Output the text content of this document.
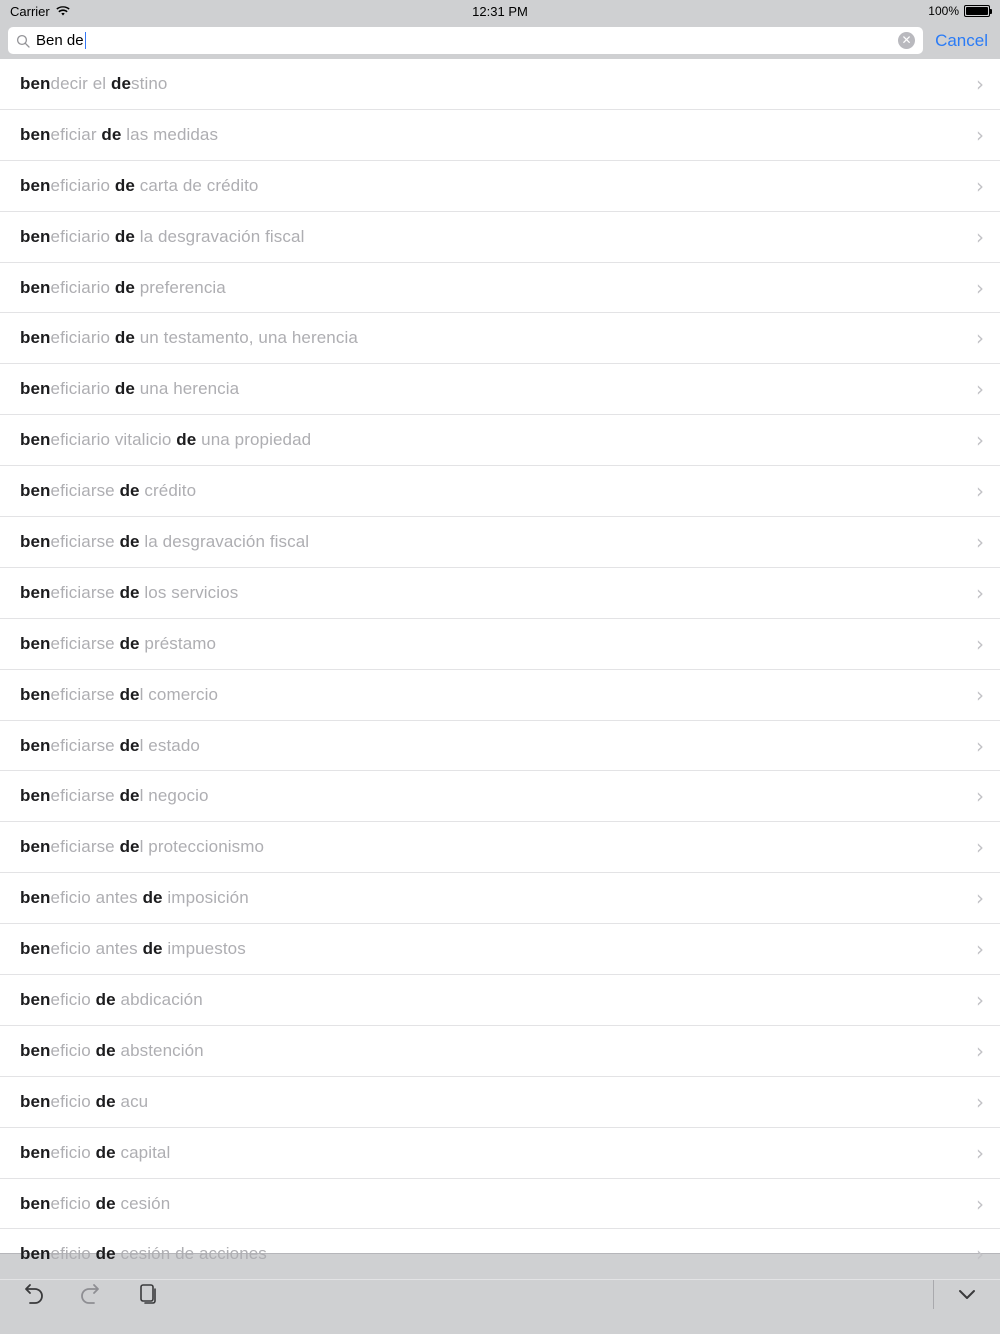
Carrier	12:31 PM	100%
Ben de	✕ Cancel
bendecir el destino	›
beneficiar de las medidas	›
beneficiario de carta de crédito	›
beneficiario de la desgravación fiscal	›
beneficiario de preferencia	›
beneficiario de un testamento, una herencia	›
beneficiario de una herencia	›
beneficiario vitalicio de una propiedad	›
beneficiarse de crédito	›
beneficiarse de la desgravación fiscal	›
beneficiarse de los servicios	›
beneficiarse de préstamo	›
beneficiarse del comercio	›
beneficiarse del estado	›
beneficiarse del negocio	›
beneficiarse del proteccionismo	›
beneficio antes de imposición	›
beneficio antes de impuestos	›
beneficio de abdicación	›
beneficio de abstención	›
beneficio de acu	›
beneficio de capital	›
beneficio de cesión	›
beneficio de cesión de acciones	›
